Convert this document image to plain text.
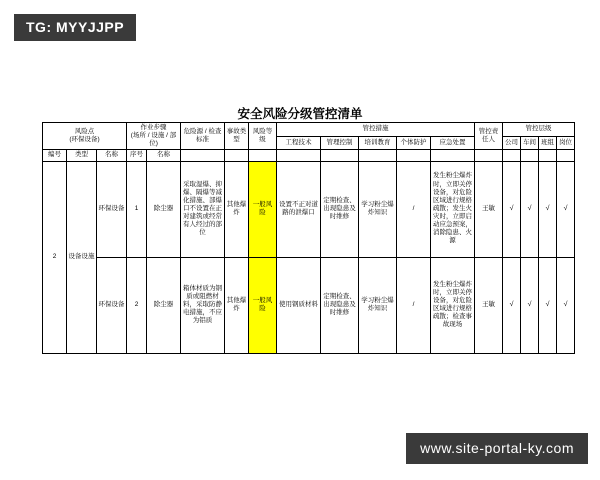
TG: MYYJJPP
安全风险分级管控清单
风险点
(环保设备)

作业步骤
(场所 / 设施 / 部位)
	危险源 / 检查标准	事故类型	风险等级	管控措施	管控责任人	管控层级
								工程技术	管理控制	培训教育	个体防护	应急处置		公司	车间	班组	岗位
编号	类型	名称	序号	名称													
2	设备设施	环保设备	1	除尘器	采取湿爆、抑爆、隔爆等减化措施、部爆口不设置在正对建筑或经常有人经过的部位	其他爆炸	一般风险	设置不正对道路的泄爆口	定期检查、出现隐患及时维修	学习粉尘爆炸知识	/	发生粉尘爆炸时，立即关停设备，对危险区域进行规格疏散；发生火灾时，立即启动应急预案，消除隐患、火源	王敏	√	√	√	√
		环保设备	2	除尘器	箱体材质为钢质或阻燃材料，采取防静电措施，不应为铝质	其他爆炸	一般风险	使用钢质材料	定期检查、出现隐患及时维修	学习粉尘爆炸知识	/	发生粉尘爆炸时，立即关停设备，对危险区域进行规格疏散；检查事故现场	王敏	√	√	√	√
www.site-portal-ky.com
